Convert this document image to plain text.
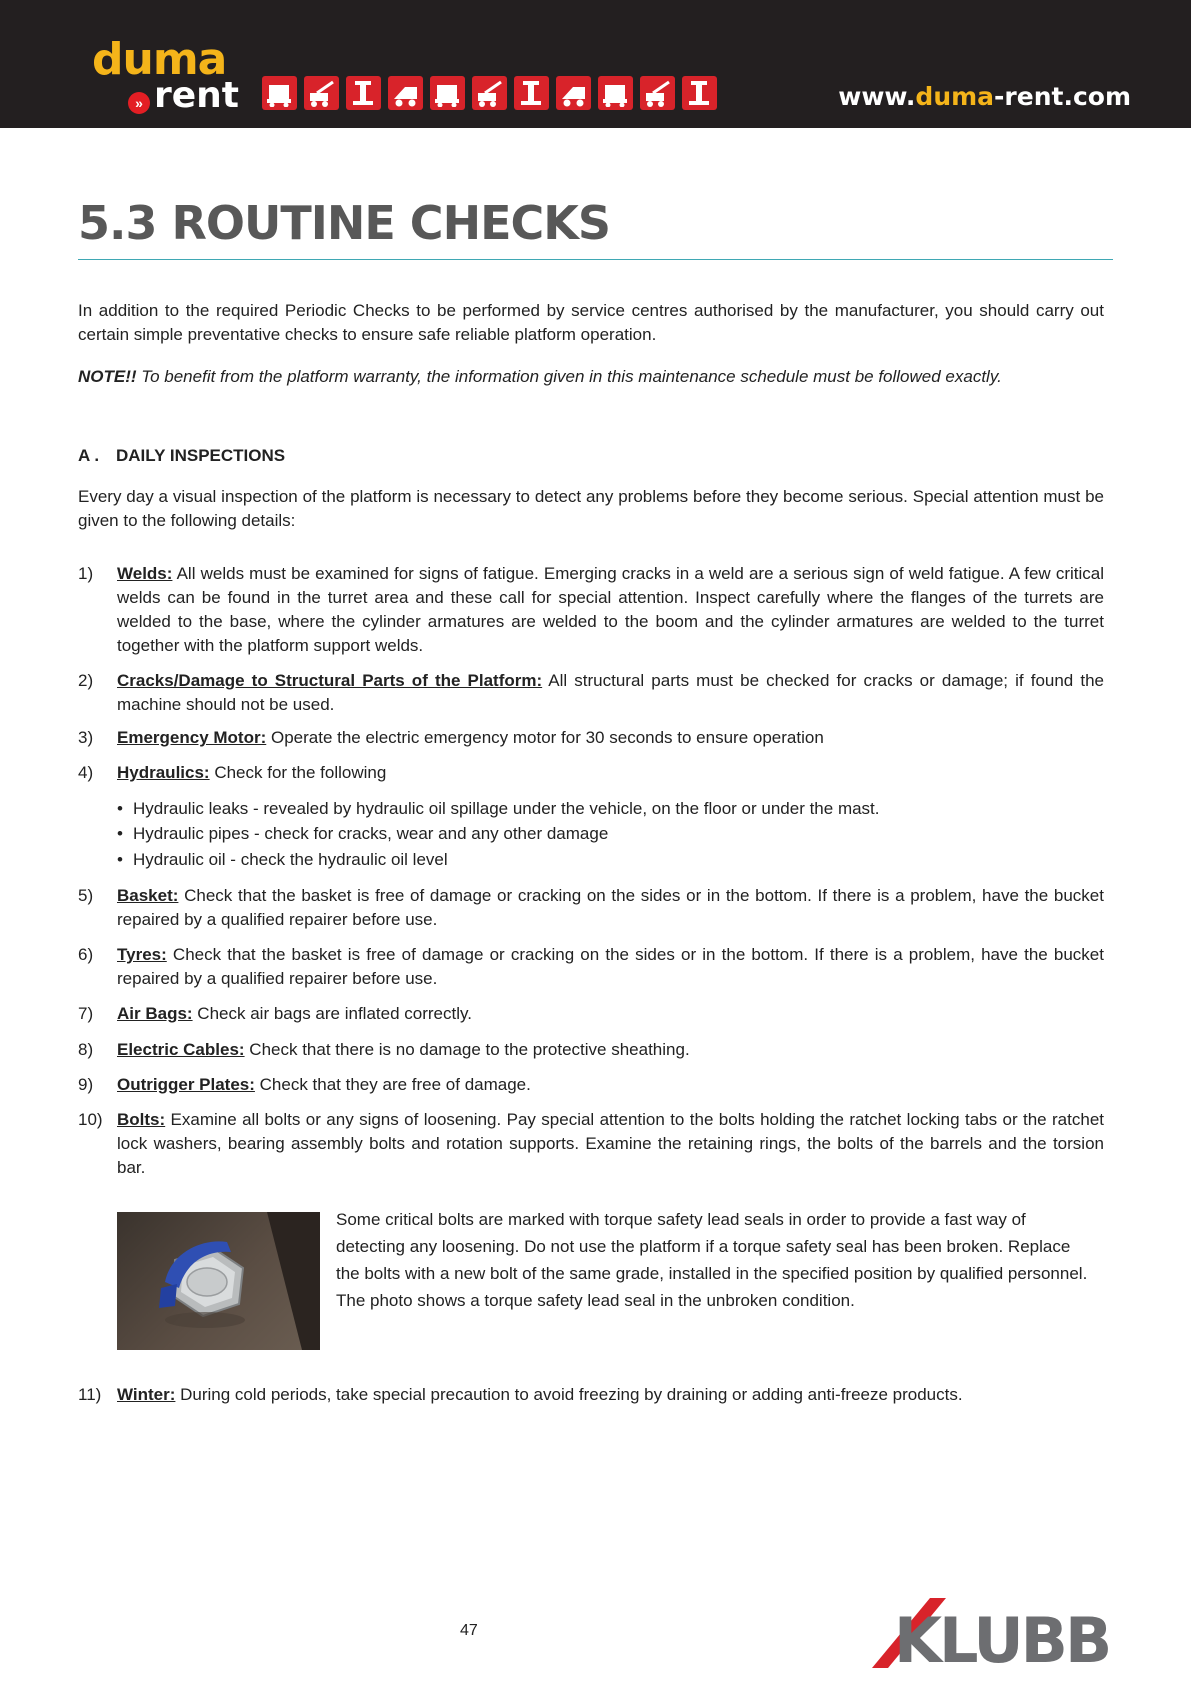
duma
» rent	www.duma-rent.com
5.3 ROUTINE CHECKS
In addition to the required Periodic Checks to be performed by service centres authorised by the manufacturer, you should carry out certain simple preventative checks to ensure safe reliable platform operation.
NOTE!! To benefit from the platform warranty, the information given in this maintenance schedule must be followed exactly.
A . DAILY INSPECTIONS
Every day a visual inspection of the platform is necessary to detect any problems before they become serious. Special attention must be given to the following details:
1) Welds: All welds must be examined for signs of fatigue. Emerging cracks in a weld are a serious sign of weld fatigue. A few critical welds can be found in the turret area and these call for special attention. Inspect carefully where the flanges of the turrets are welded to the base, where the cylinder armatures are welded to the boom and the cylinder armatures are welded to the turret together with the platform support welds.
2) Cracks/Damage to Structural Parts of the Platform: All structural parts must be checked for cracks or damage; if found the machine should not be used.
3) Emergency Motor: Operate the electric emergency motor for 30 seconds to ensure operation
4) Hydraulics: Check for the following
• Hydraulic leaks - revealed by hydraulic oil spillage under the vehicle, on the floor or under the mast.
• Hydraulic pipes - check for cracks, wear and any other damage
• Hydraulic oil - check the hydraulic oil level
5) Basket: Check that the basket is free of damage or cracking on the sides or in the bottom. If there is a problem, have the bucket repaired by a qualified repairer before use.
6) Tyres: Check that the basket is free of damage or cracking on the sides or in the bottom. If there is a problem, have the bucket repaired by a qualified repairer before use.
7) Air Bags: Check air bags are inflated correctly.
8) Electric Cables: Check that there is no damage to the protective sheathing.
9) Outrigger Plates: Check that they are free of damage.
10) Bolts: Examine all bolts or any signs of loosening. Pay special attention to the bolts holding the ratchet locking tabs or the ratchet lock washers, bearing assembly bolts and rotation supports. Examine the retaining rings, the bolts of the barrels and the torsion bar.
Some critical bolts are marked with torque safety lead seals in order to provide a fast way of detecting any loosening. Do not use the platform if a torque safety seal has been broken. Replace the bolts with a new bolt of the same grade, installed in the specified position by qualified personnel. The photo shows a torque safety lead seal in the unbroken condition.
11) Winter: During cold periods, take special precaution to avoid freezing by draining or adding anti-freeze products.
47	KLUBB
